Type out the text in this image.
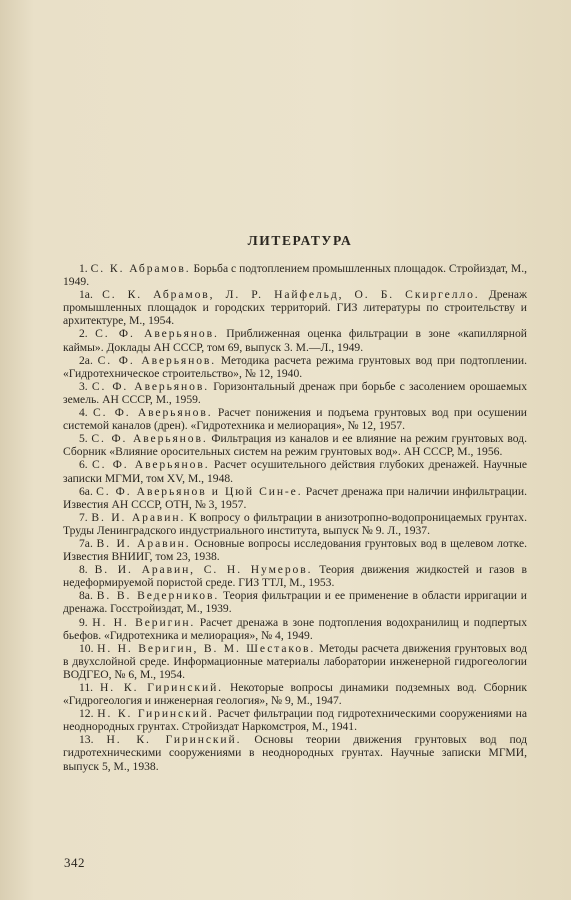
ЛИТЕРАТУРА
1. С. К. Абрамов. Борьба с подтоплением промышленных площадок. Стройиздат, М., 1949.
1а. С. К. Абрамов, Л. Р. Найфельд, О. Б. Скиргелло. Дренаж промышленных площадок и городских территорий. ГИЗ литературы по строительству и архитектуре, М., 1954.
2. С. Ф. Аверьянов. Приближенная оценка фильтрации в зоне «капиллярной каймы». Доклады АН СССР, том 69, выпуск 3. М.—Л., 1949.
2а. С. Ф. Аверьянов. Методика расчета режима грунтовых вод при подтоплении. «Гидротехническое строительство», № 12, 1940.
3. С. Ф. Аверьянов. Горизонтальный дренаж при борьбе с засолением орошаемых земель. АН СССР, М., 1959.
4. С. Ф. Аверьянов. Расчет понижения и подъема грунтовых вод при осушении системой каналов (дрен). «Гидротехника и мелиорация», № 12, 1957.
5. С. Ф. Аверьянов. Фильтрация из каналов и ее влияние на режим грунтовых вод. Сборник «Влияние оросительных систем на режим грунтовых вод». АН СССР, М., 1956.
6. С. Ф. Аверьянов. Расчет осушительного действия глубоких дренажей. Научные записки МГМИ, том XV, М., 1948.
6а. С. Ф. Аверьянов и Цюй Син-е. Расчет дренажа при наличии инфильтрации. Известия АН СССР, ОТН, № 3, 1957.
7. В. И. Аравин. К вопросу о фильтрации в анизотропно-водопроницаемых грунтах. Труды Ленинградского индустриального института, выпуск № 9. Л., 1937.
7а. В. И. Аравин. Основные вопросы исследования грунтовых вод в щелевом лотке. Известия ВНИИГ, том 23, 1938.
8. В. И. Аравин, С. Н. Нумеров. Теория движения жидкостей и газов в недеформируемой пористой среде. ГИЗ ТТЛ, М., 1953.
8а. В. В. Ведерников. Теория фильтрации и ее применение в области ирригации и дренажа. Госстройиздат, М., 1939.
9. Н. Н. Веригин. Расчет дренажа в зоне подтопления водохранилищ и подпертых бьефов. «Гидротехника и мелиорация», № 4, 1949.
10. Н. Н. Веригин, В. М. Шестаков. Методы расчета движения грунтовых вод в двухслойной среде. Информационные материалы лаборатории инженерной гидрогеологии ВОДГЕО, № 6, М., 1954.
11. Н. К. Гиринский. Некоторые вопросы динамики подземных вод. Сборник «Гидрогеология и инженерная геология», № 9, М., 1947.
12. Н. К. Гиринский. Расчет фильтрации под гидротехническими сооружениями на неоднородных грунтах. Стройиздат Наркомстроя, М., 1941.
13. Н. К. Гиринский. Основы теории движения грунтовых вод под гидротехническими сооружениями в неоднородных грунтах. Научные записки МГМИ, выпуск 5, М., 1938.
342
